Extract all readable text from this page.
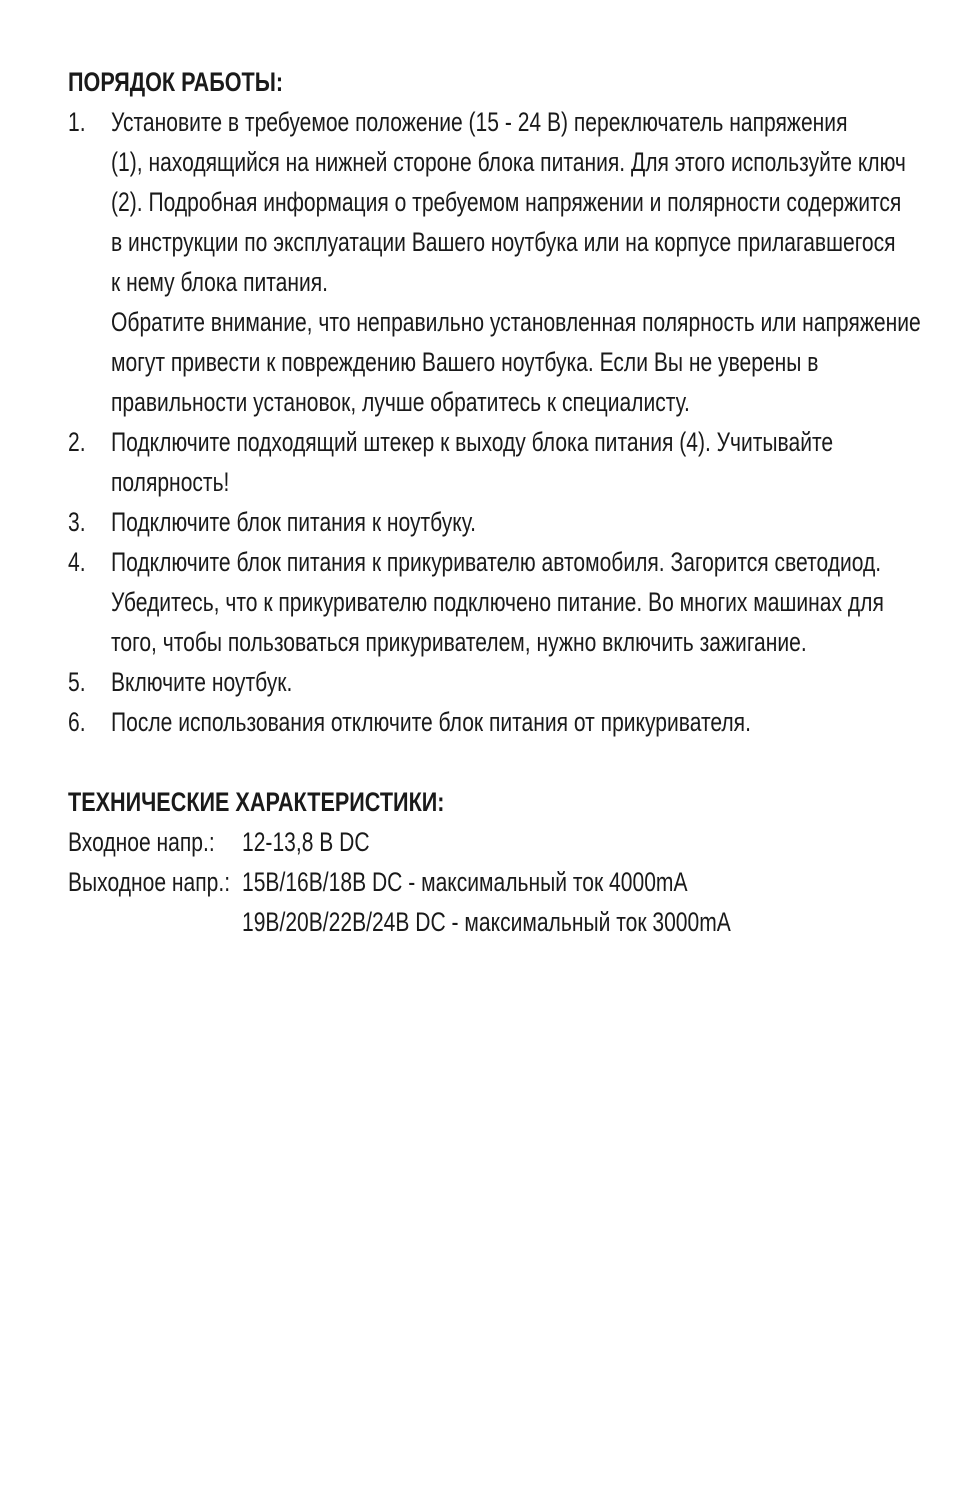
ПОРЯДОК РАБОТЫ:
1. Установите в требуемое положение (15 - 24 В) переключатель напряжения
(1), находящийся на нижней стороне блока питания. Для этого используйте ключ
(2). Подробная информация о требуемом напряжении и полярности содержится
в инструкции по эксплуатации Вашего ноутбука или на корпусе прилагавшегося
к нему блока питания.
Обратите внимание, что неправильно установленная полярность или напряжение
могут привести к повреждению Вашего ноутбука. Если Вы не уверены в
правильности установок, лучше обратитесь к специалисту.
2. Подключите подходящий штекер к выходу блока питания (4). Учитывайте
полярность!
3. Подключите блок питания к ноутбуку.
4. Подключите блок питания к прикуривателю автомобиля. Загорится светодиод.
Убедитесь, что к прикуривателю подключено питание. Во многих машинах для
того, чтобы пользоваться прикуривателем, нужно включить зажигание.
5. Включите ноутбук.
6. После использования отключите блок питания от прикуривателя.
ТЕХНИЧЕСКИЕ ХАРАКТЕРИСТИКИ:
Входное напр.: 12-13,8 В DC
Выходное напр.: 15В/16В/18В DC - максимальный ток 4000mA
19В/20В/22В/24В DC - максимальный ток 3000mA
